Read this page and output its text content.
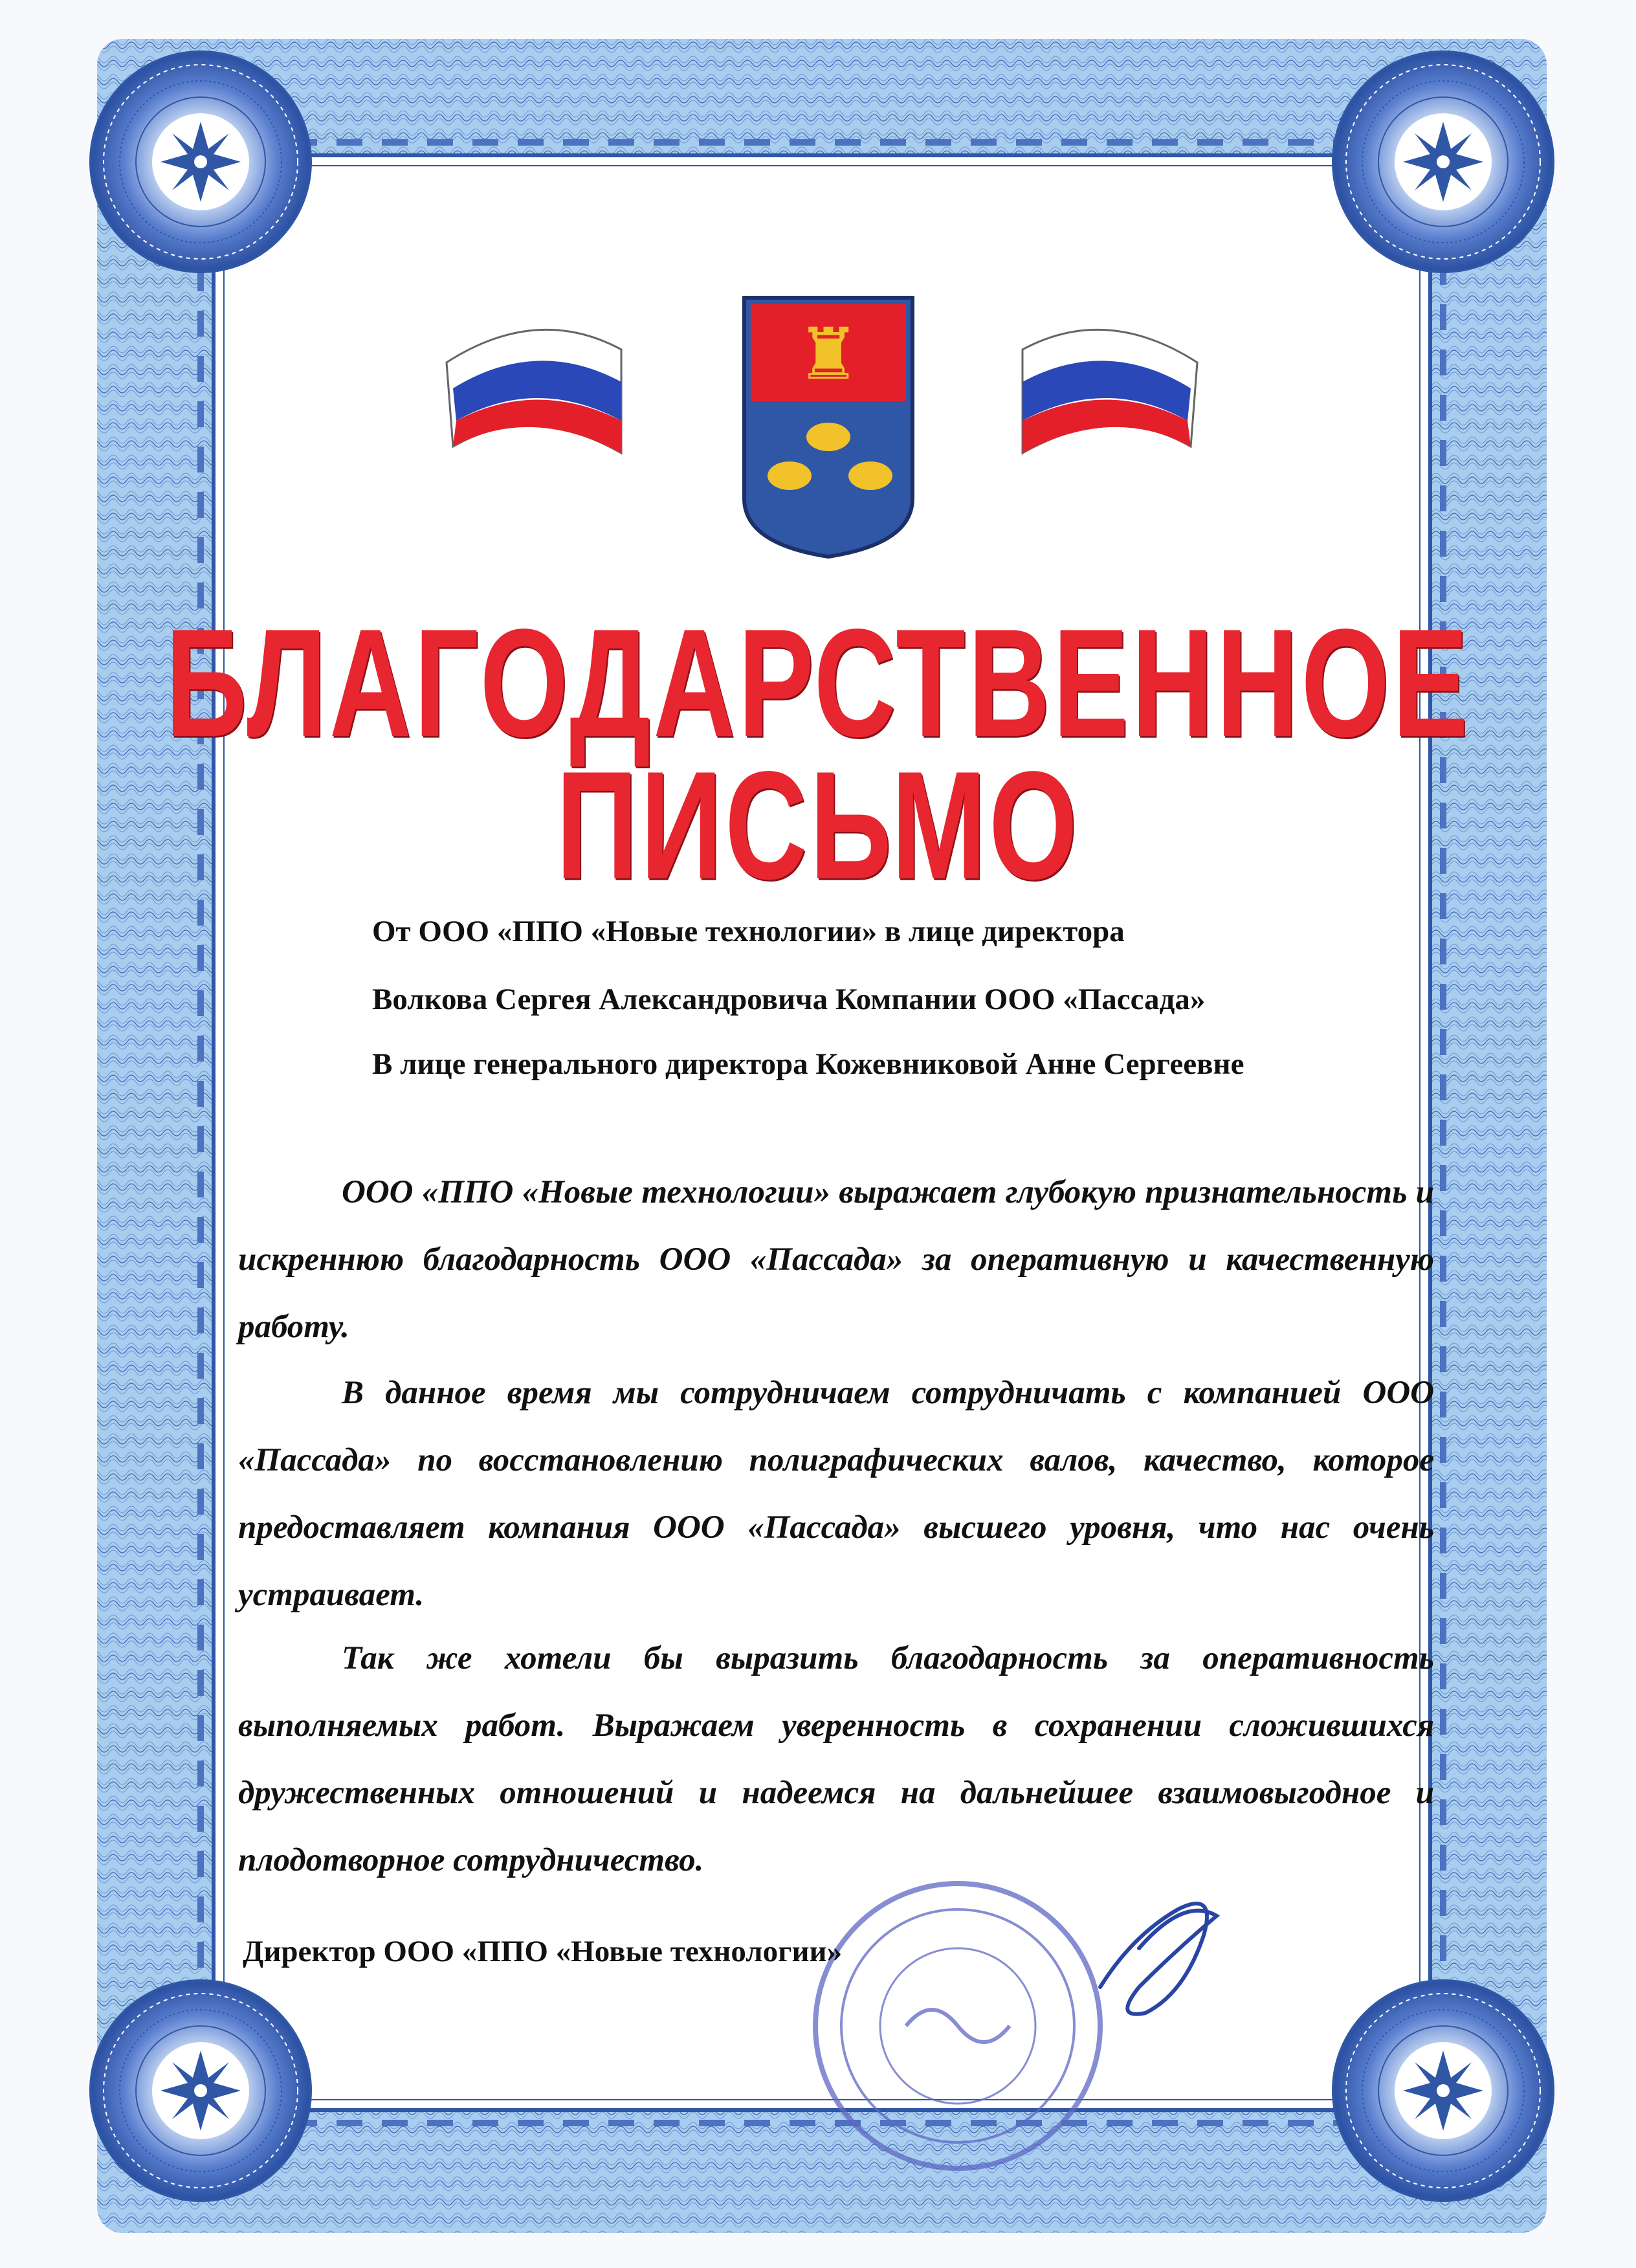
♜
БЛАГОДАРСТВЕННОЕ
ПИСЬМО
От ООО «ППО «Новые технологии» в лице директора
Волкова Сергея Александровича Компании ООО «Пассада»
В лице генерального директора Кожевниковой Анне Сергеевне
ООО «ППО «Новые технологии» выражает глубокую признательность и искреннюю благодарность ООО «Пассада» за оперативную и качественную работу.
В данное время мы сотрудничаем сотрудничать с компанией ООО «Пассада» по восстановлению полиграфических валов, качество, которое предоставляет компания ООО «Пассада» высшего уровня, что нас очень устраивает.
Так же хотели бы выразить благодарность за оперативность выполняемых работ. Выражаем уверенность в сохранении сложившихся дружественных отношений и надеемся на дальнейшее взаимовыгодное и плодотворное сотрудничество.
Директор ООО «ППО «Новые технологии»
